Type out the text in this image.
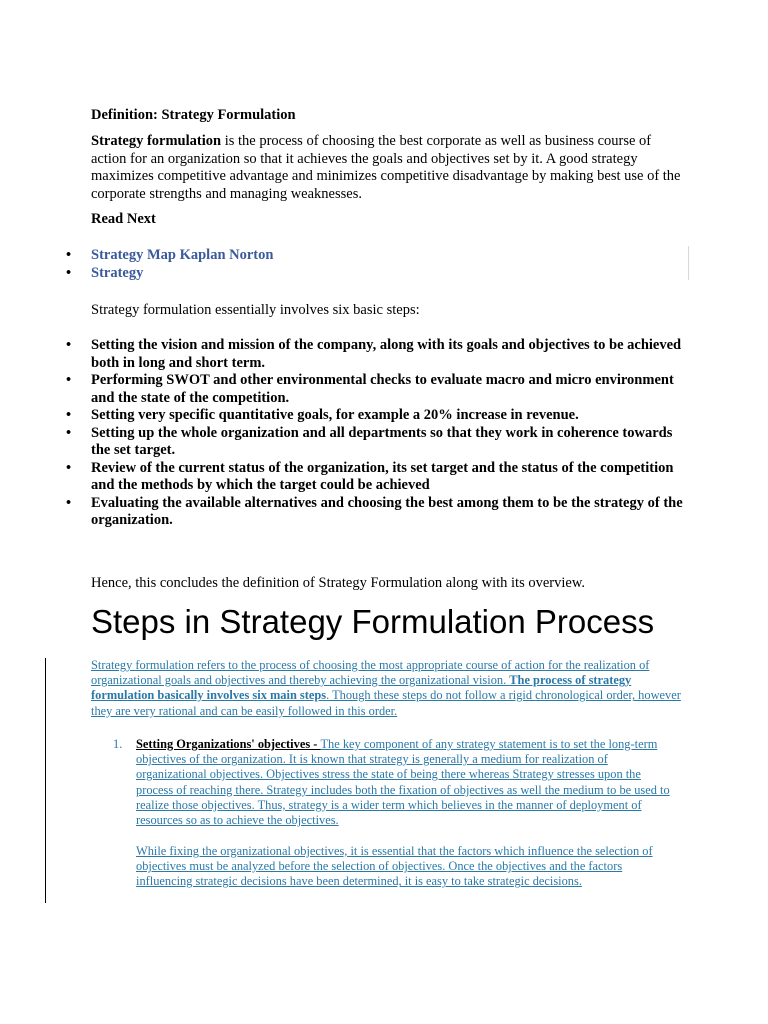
Definition: Strategy Formulation
Strategy formulation is the process of choosing the best corporate as well as business course of action for an organization so that it achieves the goals and objectives set by it. A good strategy maximizes competitive advantage and minimizes competitive disadvantage by making best use of the corporate strengths and managing weaknesses.
Read Next
• Strategy Map Kaplan Norton
• Strategy
Strategy formulation essentially involves six basic steps:
• Setting the vision and mission of the company, along with its goals and objectives to be achieved both in long and short term.
• Performing SWOT and other environmental checks to evaluate macro and micro environment and the state of the competition.
• Setting very specific quantitative goals, for example a 20% increase in revenue.
• Setting up the whole organization and all departments so that they work in coherence towards the set target.
• Review of the current status of the organization, its set target and the status of the competition and the methods by which the target could be achieved
• Evaluating the available alternatives and choosing the best among them to be the strategy of the organization.
Hence, this concludes the definition of Strategy Formulation along with its overview.
Steps in Strategy Formulation Process
Strategy formulation refers to the process of choosing the most appropriate course of action for the realization of organizational goals and objectives and thereby achieving the organizational vision. The process of strategy formulation basically involves six main steps. Though these steps do not follow a rigid chronological order, however they are very rational and can be easily followed in this order.
1. Setting Organizations' objectives - The key component of any strategy statement is to set the long-term objectives of the organization. It is known that strategy is generally a medium for realization of organizational objectives. Objectives stress the state of being there whereas Strategy stresses upon the process of reaching there. Strategy includes both the fixation of objectives as well the medium to be used to realize those objectives. Thus, strategy is a wider term which believes in the manner of deployment of resources so as to achieve the objectives.
While fixing the organizational objectives, it is essential that the factors which influence the selection of objectives must be analyzed before the selection of objectives. Once the objectives and the factors influencing strategic decisions have been determined, it is easy to take strategic decisions.
